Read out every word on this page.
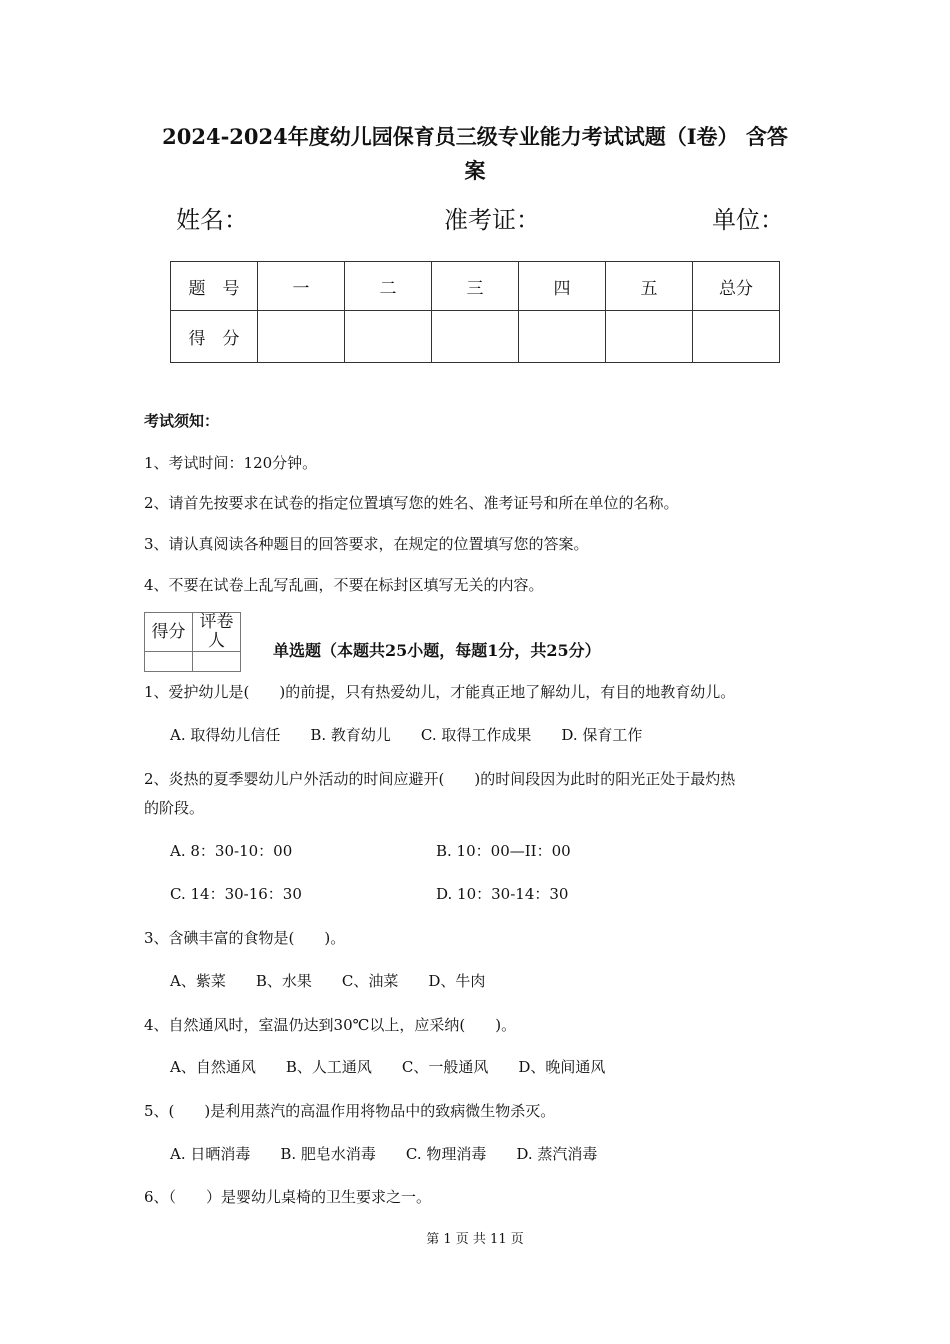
2024-2024年度幼儿园保育员三级专业能力考试试题（I卷） 含答
案
姓名：	准考证：	单位：
题　号	一	二	三	四	五	总分
得　分						
考试须知：
1、考试时间：120分钟。
2、请首先按要求在试卷的指定位置填写您的姓名、准考证号和所在单位的名称。
3、请认真阅读各种题目的回答要求，在规定的位置填写您的答案。
4、不要在试卷上乱写乱画，不要在标封区填写无关的内容。
得分	评卷人
		单选题（本题共25小题，每题1分，共25分）
1、爱护幼儿是(　　)的前提，只有热爱幼儿，才能真正地了解幼儿，有目的地教育幼儿。
A. 取得幼儿信任　　B. 教育幼儿　　C. 取得工作成果　　D. 保育工作
2、炎热的夏季婴幼儿户外活动的时间应避开(　　)的时间段因为此时的阳光正处于最灼热
的阶段。
A. 8：30-10：00	B. 10：00—II：00
C. 14：30-16：30	D. 10：30-14：30
3、含碘丰富的食物是(　　)。
A、紫菜　　B、水果　　C、油菜　　D、牛肉
4、自然通风时，室温仍达到30℃以上，应采纳(　　)。
A、自然通风　　B、人工通风　　C、一般通风　　D、晚间通风
5、(　　)是利用蒸汽的高温作用将物品中的致病微生物杀灭。
A. 日晒消毒　　B. 肥皂水消毒　　C. 物理消毒　　D. 蒸汽消毒
6、（　　）是婴幼儿桌椅的卫生要求之一。
第 1 页 共 11 页
